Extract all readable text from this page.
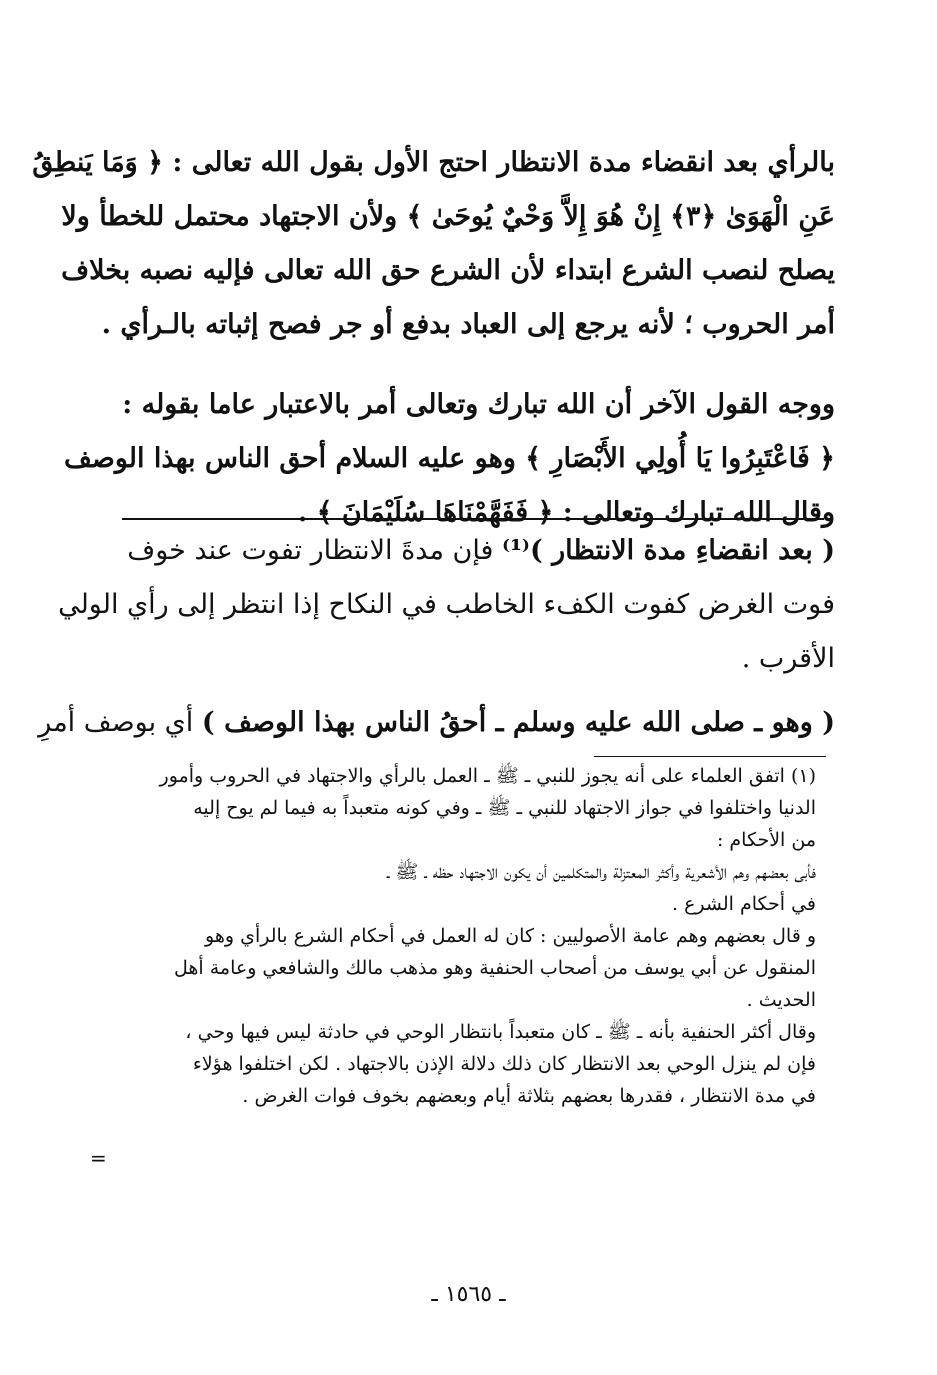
بالرأي بعد انقضاء مدة الانتظار احتج الأول بقول الله تعالى : ﴿ وَمَا يَنطِقُ
عَنِ الْهَوَىٰ ﴿٣﴾ إِنْ هُوَ إِلاَّ وَحْيٌ يُوحَىٰ ﴾ ولأن الاجتهاد محتمل للخطأ ولا
يصلح لنصب الشرع ابتداء لأن الشرع حق الله تعالى فإليه نصبه بخلاف
أمر الحروب ؛ لأنه يرجع إلى العباد بدفع أو جر فصح إثباته بالـرأي .
ووجه القول الآخر أن الله تبارك وتعالى أمر بالاعتبار عاما بقوله :
﴿ فَاعْتَبِرُوا يَا أُولِي الأَبْصَارِ ﴾ وهو عليه السلام أحق الناس بهذا الوصف
وقال الله تبارك وتعالى : ﴿ فَفَهَّمْنَاهَا سُلَيْمَانَ ﴾ .
( بعد انقضاءِ مدة الانتظار )⁽¹⁾ فإن مدةَ الانتظار تفوت عند خوف
فوت الغرض كفوت الكفء الخاطب في النكاح إذا انتظر إلى رأي الولي
الأقرب .
( وهو ـ صلى الله عليه وسلم ـ أحقُ الناس بهذا الوصف ) أي بوصف أمرِ
(١) اتفق العلماء على أنه يجوز للنبي ـ ﷺ ـ العمل بالرأي والاجتهاد في الحروب وأمور
الدنيا واختلفوا في جواز الاجتهاد للنبي ـ ﷺ ـ وفي كونه متعبداً به فيما لم يوح إليه
من الأحكام :
فأبى بعضهم وهم الأشعرية وأكثر المعتزلة والمتكلمين أن يكون الاجتهاد حظه ـ ﷺ ـ
في أحكام الشرع .
و قال بعضهم وهم عامة الأصوليين : كان له العمل في أحكام الشرع بالرأي وهو
المنقول عن أبي يوسف من أصحاب الحنفية وهو مذهب مالك والشافعي وعامة أهل
الحديث .
وقال أكثر الحنفية بأنه ـ ﷺ ـ كان متعبداً بانتظار الوحي في حادثة ليس فيها وحي ،
فإن لم ينزل الوحي بعد الانتظار كان ذلك دلالة الإذن بالاجتهاد . لكن اختلفوا هؤلاء
في مدة الانتظار ، فقدرها بعضهم بثلاثة أيام وبعضهم بخوف فوات الغرض .
=
ـ ١٥٦٥ ـ
